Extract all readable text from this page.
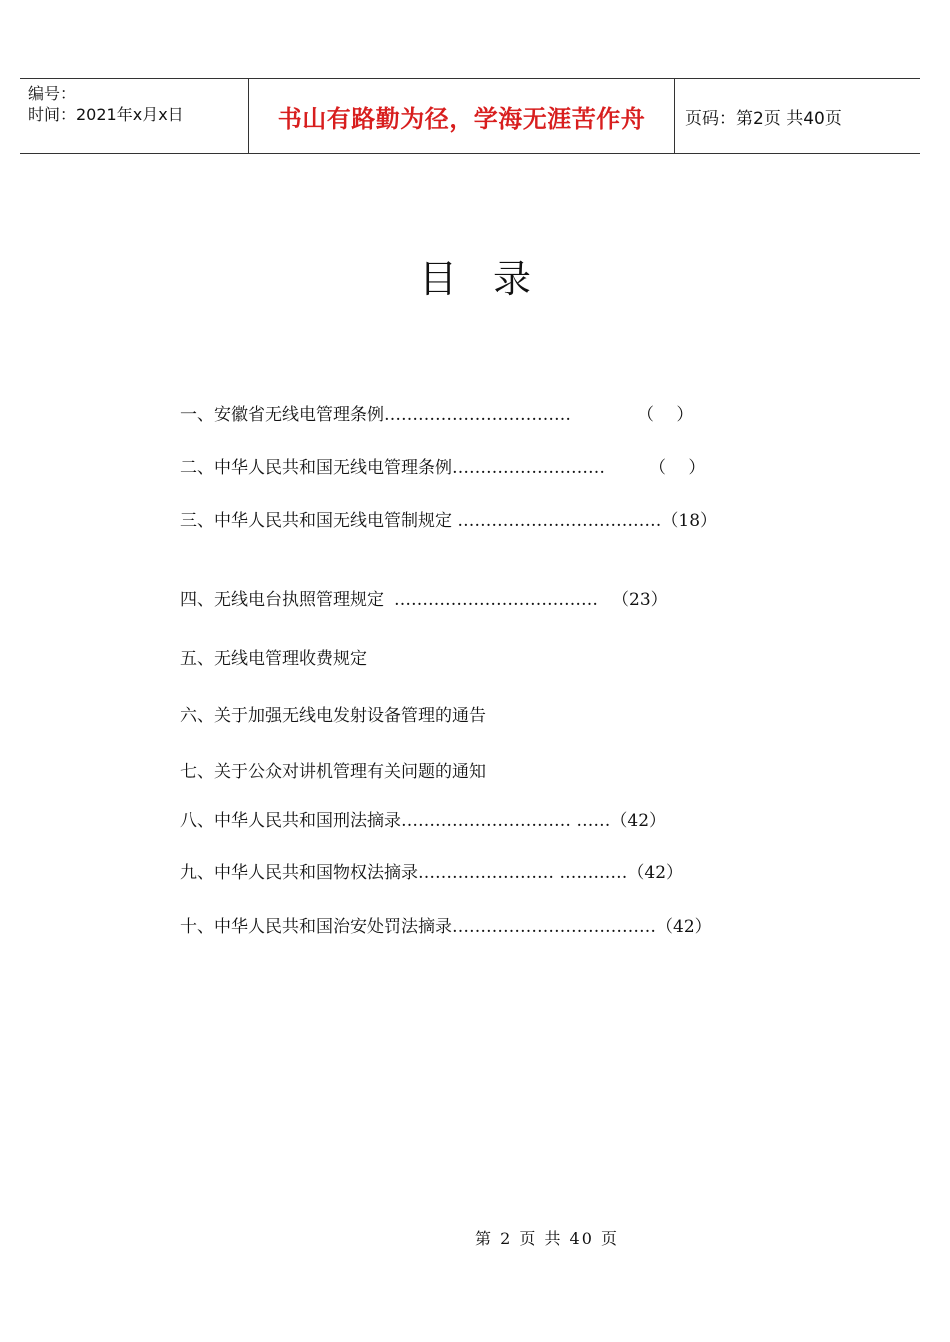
编号：
时间：2021年x月x日	书山有路勤为径，学海无涯苦作舟 页码：第2页 共40页
目录
一、安徽省无线电管理条例……………………………	（　 ）
二、中华人民共和国无线电管理条例………………………	（　 ）
三、中华人民共和国无线电管制规定 ………………………………（18）
四、无线电台执照管理规定 ……………………………… （23）
五、无线电管理收费规定
六、关于加强无线电发射设备管理的通告
七、关于公众对讲机管理有关问题的通知
八、中华人民共和国刑法摘录………………………… ……（42）
九、中华人民共和国物权法摘录…………………… …………（42）
十、中华人民共和国治安处罚法摘录………………………………（42）
第 2 页 共 40 页
